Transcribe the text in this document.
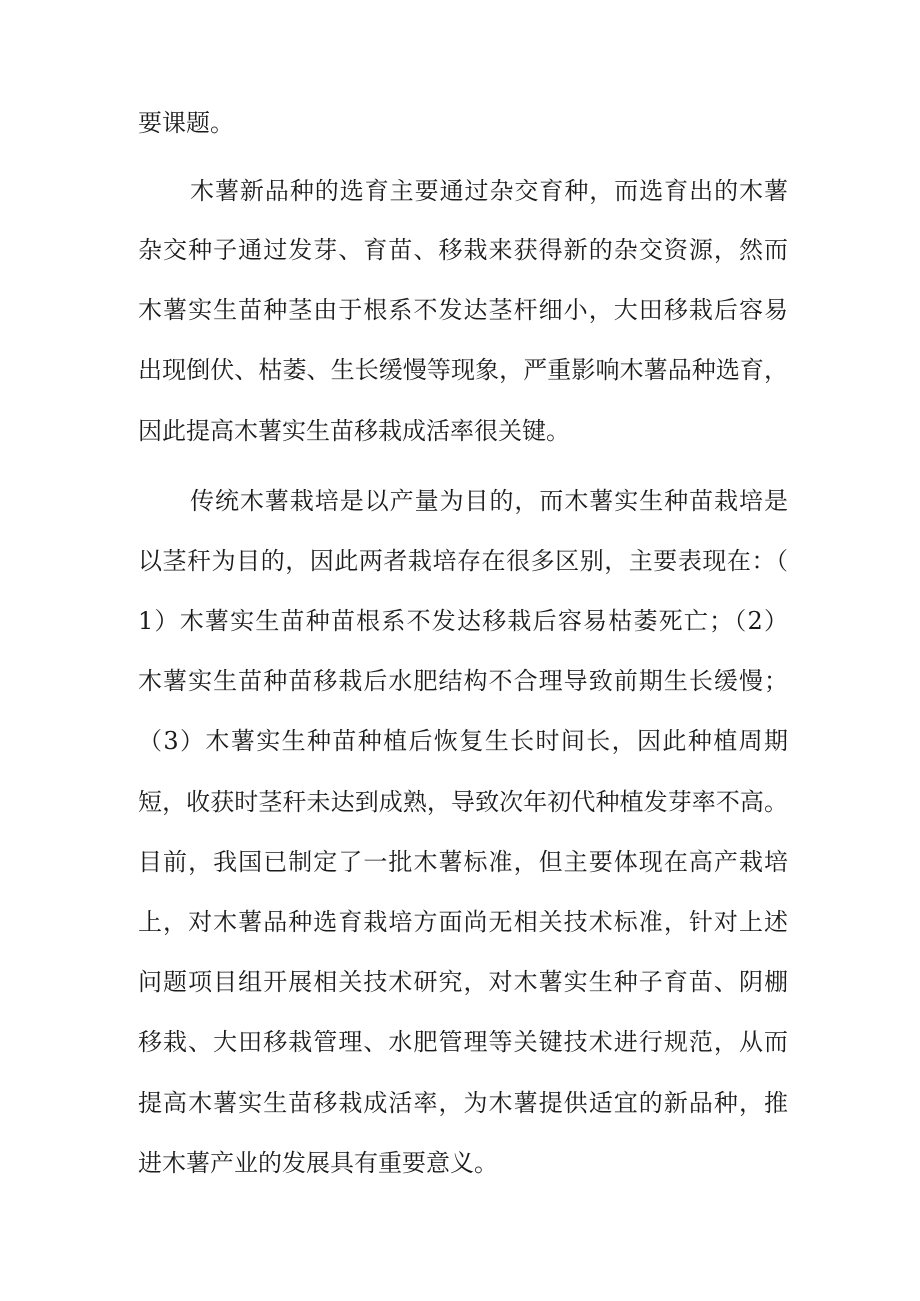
要课题。
木薯新品种的选育主要通过杂交育种，而选育出的木薯
杂交种子通过发芽、育苗、移栽来获得新的杂交资源，然而
木薯实生苗种茎由于根系不发达茎杆细小，大田移栽后容易
出现倒伏、枯萎、生长缓慢等现象，严重影响木薯品种选育，
因此提高木薯实生苗移栽成活率很关键。
传统木薯栽培是以产量为目的，而木薯实生种苗栽培是
以茎秆为目的，因此两者栽培存在很多区别，主要表现在：（
1）木薯实生苗种苗根系不发达移栽后容易枯萎死亡；（2）
木薯实生苗种苗移栽后水肥结构不合理导致前期生长缓慢；
（3）木薯实生种苗种植后恢复生长时间长，因此种植周期
短，收获时茎秆未达到成熟，导致次年初代种植发芽率不高。
目前，我国已制定了一批木薯标准，但主要体现在高产栽培
上，对木薯品种选育栽培方面尚无相关技术标准，针对上述
问题项目组开展相关技术研究，对木薯实生种子育苗、阴棚
移栽、大田移栽管理、水肥管理等关键技术进行规范，从而
提高木薯实生苗移栽成活率，为木薯提供适宜的新品种，推
进木薯产业的发展具有重要意义。
